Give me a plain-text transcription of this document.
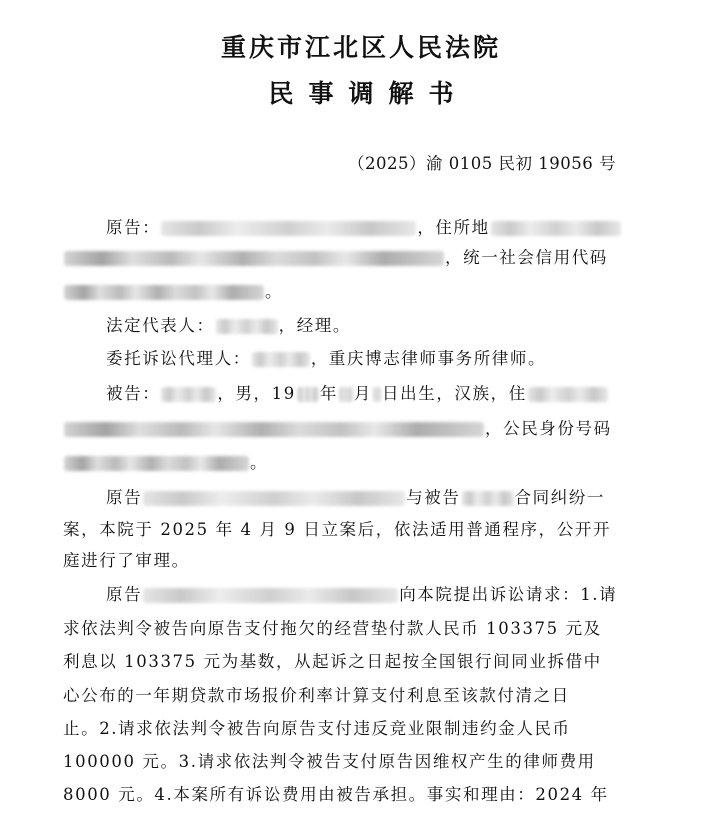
重庆市江北区人民法院
民事调解书
（2025）渝 0105 民初 19056 号
原告：	，住所地
，统一社会信用代码
。
法定代表人：	，经理。
委托诉讼代理人：	，重庆博志律师事务所律师。
被告：	，男，19 年 月 日出生，汉族，住
，公民身份号码
。
原告	与被告	合同纠纷一
案，本院于 2025 年 4 月 9 日立案后，依法适用普通程序，公开开
庭进行了审理。
原告	向本院提出诉讼请求：1.请
求依法判令被告向原告支付拖欠的经营垫付款人民币 103375 元及
利息以 103375 元为基数，从起诉之日起按全国银行间同业拆借中
心公布的一年期贷款市场报价利率计算支付利息至该款付清之日
止。2.请求依法判令被告向原告支付违反竞业限制违约金人民币
100000 元。3.请求依法判令被告支付原告因维权产生的律师费用
8000 元。4.本案所有诉讼费用由被告承担。事实和理由：2024 年
